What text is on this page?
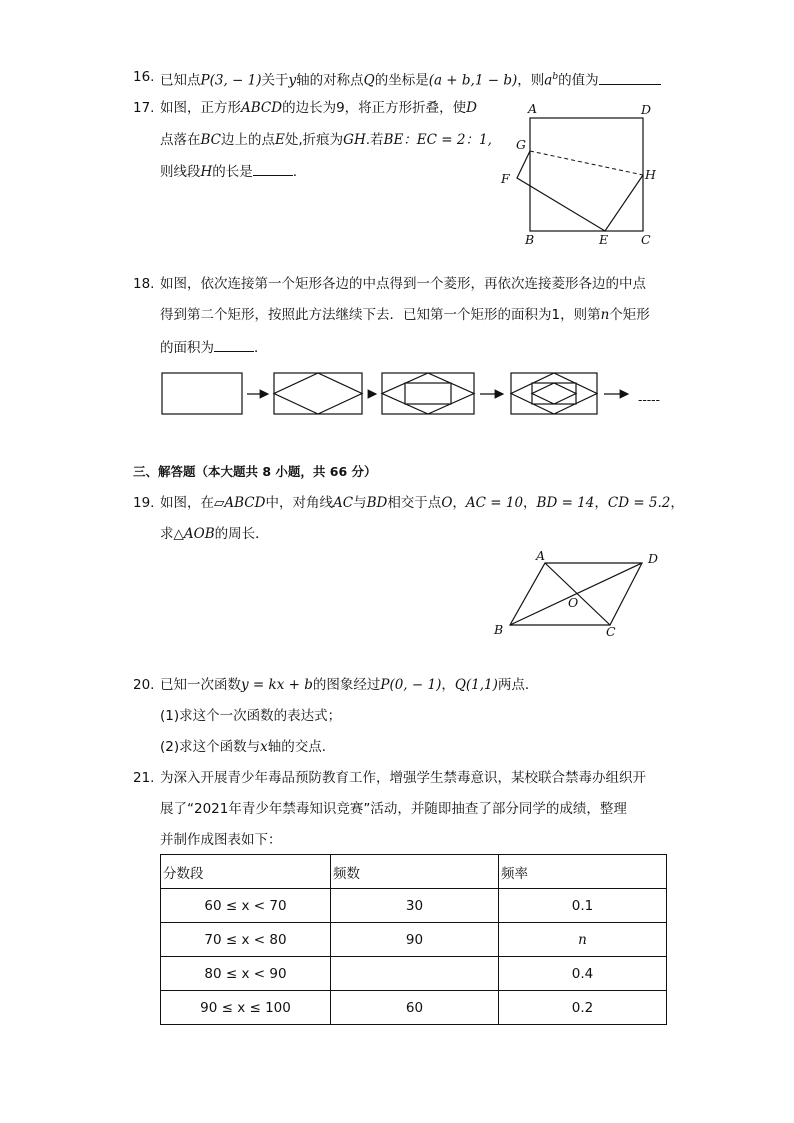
16. 已知点P(3, − 1)关于y轴的对称点Q的坐标是(a + b,1 − b)，则$a^b$的值为
17. 如图，正方形ABCD的边长为9，将正方形折叠，使D
点落在BC边上的点E处,折痕为GH.若BE：EC = 2：1,
则线段H的长是	.
A	D
G
F	H
B	E	C
18. 如图，依次连接第一个矩形各边的中点得到一个菱形，再依次连接菱形各边的中点
得到第二个矩形，按照此方法继续下去．已知第一个矩形的面积为1，则第n个矩形
的面积为	．
-----
三、解答题（本大题共 8 小题，共 66 分）
19. 如图，在▱ABCD中，对角线AC与BD相交于点O，AC = 10，BD = 14，CD = 5.2，
求△AOB的周长．
A	D
O
B	C
20. 已知一次函数y = kx + b的图象经过P(0, − 1)，Q(1,1)两点．
(1)求这个一次函数的表达式；
(2)求这个函数与x轴的交点．
21. 为深入开展青少年毒品预防教育工作，增强学生禁毒意识，某校联合禁毒办组织开
展了“2021年青少年禁毒知识竞赛”活动，并随即抽查了部分同学的成绩，整理
并制作成图表如下：
分数段	频数	频率
60 ≤ x < 70	30	0.1
70 ≤ x < 80	90	n
80 ≤ x < 90		0.4
90 ≤ x ≤ 100	60	0.2
